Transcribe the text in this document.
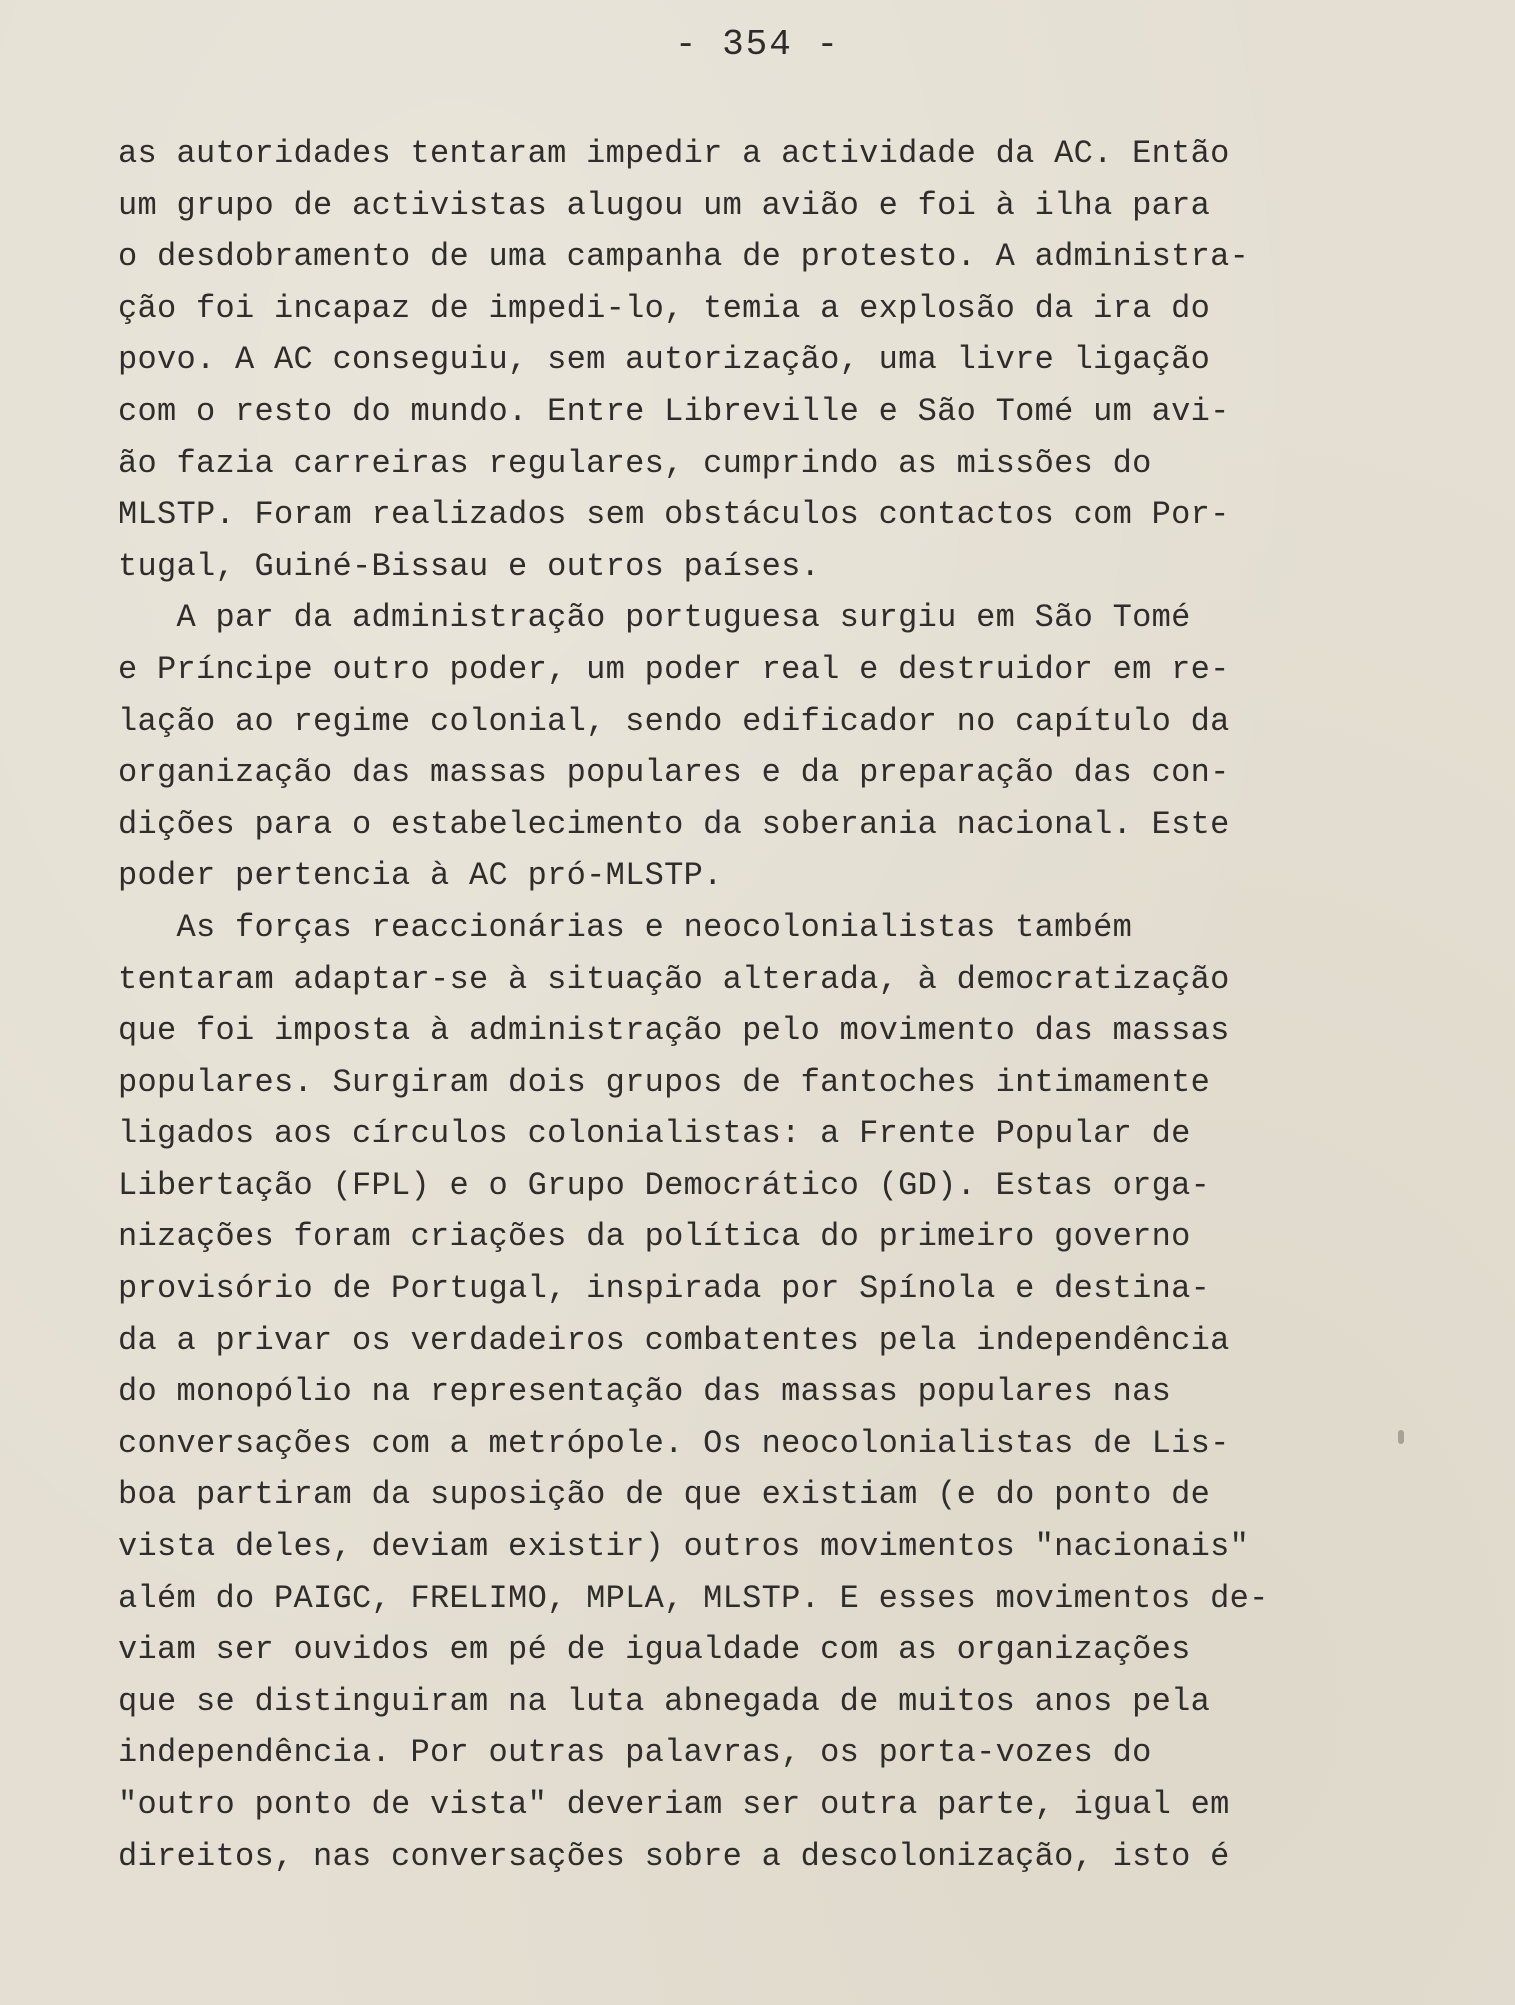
- 354 -
as autoridades tentaram impedir a actividade da AC. Então
um grupo de activistas alugou um avião e foi à ilha para
o desdobramento de uma campanha de protesto. A administra-
ção foi incapaz de impedi-lo, temia a explosão da ira do
povo. A AC conseguiu, sem autorização, uma livre ligação
com o resto do mundo. Entre Libreville e São Tomé um avi-
ão fazia carreiras regulares, cumprindo as missões do
MLSTP. Foram realizados sem obstáculos contactos com Por-
tugal, Guiné-Bissau e outros países.
A par da administração portuguesa surgiu em São Tomé
e Príncipe outro poder, um poder real e destruidor em re-
lação ao regime colonial, sendo edificador no capítulo da
organização das massas populares e da preparação das con-
dições para o estabelecimento da soberania nacional. Este
poder pertencia à AC pró-MLSTP.
As forças reaccionárias e neocolonialistas também
tentaram adaptar-se à situação alterada, à democratização
que foi imposta à administração pelo movimento das massas
populares. Surgiram dois grupos de fantoches intimamente
ligados aos círculos colonialistas: a Frente Popular de
Libertação (FPL) e o Grupo Democrático (GD). Estas orga-
nizações foram criações da política do primeiro governo
provisório de Portugal, inspirada por Spínola e destina-
da a privar os verdadeiros combatentes pela independência
do monopólio na representação das massas populares nas
conversações com a metrópole. Os neocolonialistas de Lis-
boa partiram da suposição de que existiam (e do ponto de
vista deles, deviam existir) outros movimentos "nacionais"
além do PAIGC, FRELIMO, MPLA, MLSTP. E esses movimentos de-
viam ser ouvidos em pé de igualdade com as organizações
que se distinguiram na luta abnegada de muitos anos pela
independência. Por outras palavras, os porta-vozes do
"outro ponto de vista" deveriam ser outra parte, igual em
direitos, nas conversações sobre a descolonização, isto é
